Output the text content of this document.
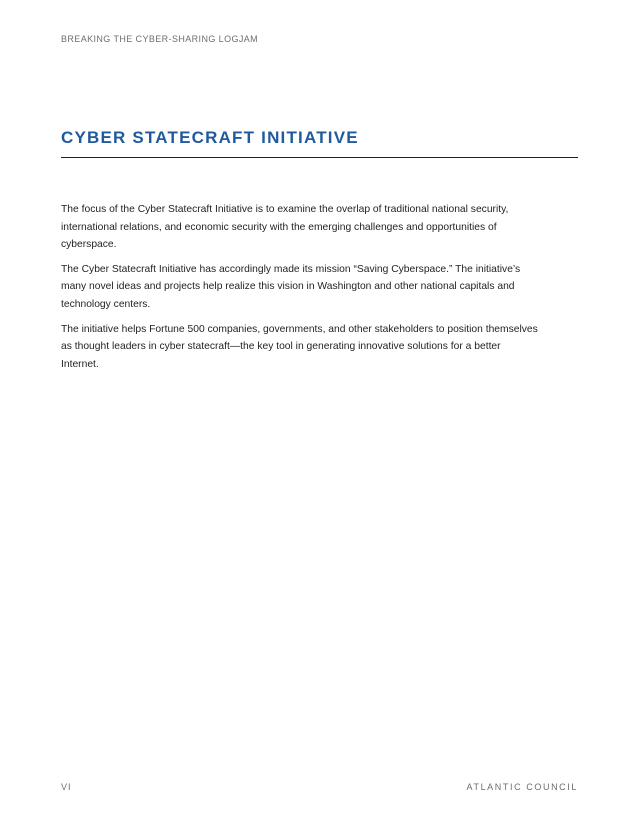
BREAKING THE CYBER-SHARING LOGJAM
CYBER STATECRAFT INITIATIVE

The focus of the Cyber Statecraft Initiative is to examine the overlap of traditional national security, international relations, and economic security with the emerging challenges and opportunities of cyberspace.

The Cyber Statecraft Initiative has accordingly made its mission “Saving Cyberspace.” The initiative’s many novel ideas and projects help realize this vision in Washington and other national capitals and technology centers.

The initiative helps Fortune 500 companies, governments, and other stakeholders to position themselves as thought leaders in cyber statecraft—the key tool in generating innovative solutions for a better Internet.

VI	ATLANTIC COUNCIL
